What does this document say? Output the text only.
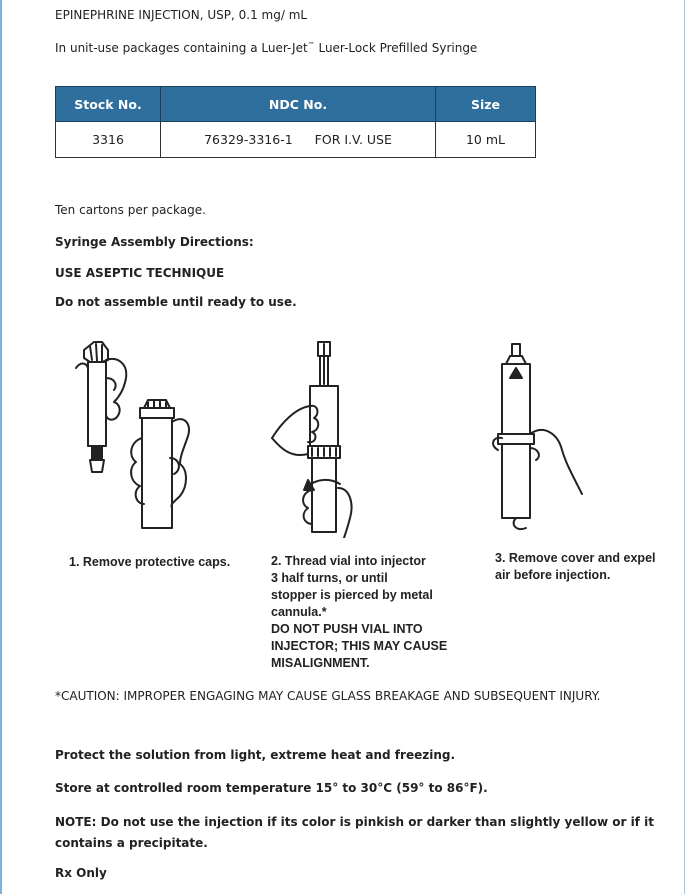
EPINEPHRINE INJECTION, USP, 0.1 mg/ mL
In unit-use packages containing a Luer-Jet™ Luer-Lock Prefilled Syringe
Stock No.	NDC No.	Size
3316	76329-3316-1 FOR I.V. USE	10 mL
Ten cartons per package.
Syringe Assembly Directions:
USE ASEPTIC TECHNIQUE
Do not assemble until ready to use.
1. Remove protective caps.	2. Thread vial into injector
3 half turns, or until
stopper is pierced by metal
cannula.*
DO NOT PUSH VIAL INTO
INJECTOR; THIS MAY CAUSE
MISALIGNMENT.
3. Remove cover and expel
air before injection.
*CAUTION: IMPROPER ENGAGING MAY CAUSE GLASS BREAKAGE AND SUBSEQUENT INJURY.
Protect the solution from light, extreme heat and freezing.
Store at controlled room temperature 15° to 30°C (59° to 86°F).
NOTE: Do not use the injection if its color is pinkish or darker than slightly yellow or if it contains a precipitate.
Rx Only
